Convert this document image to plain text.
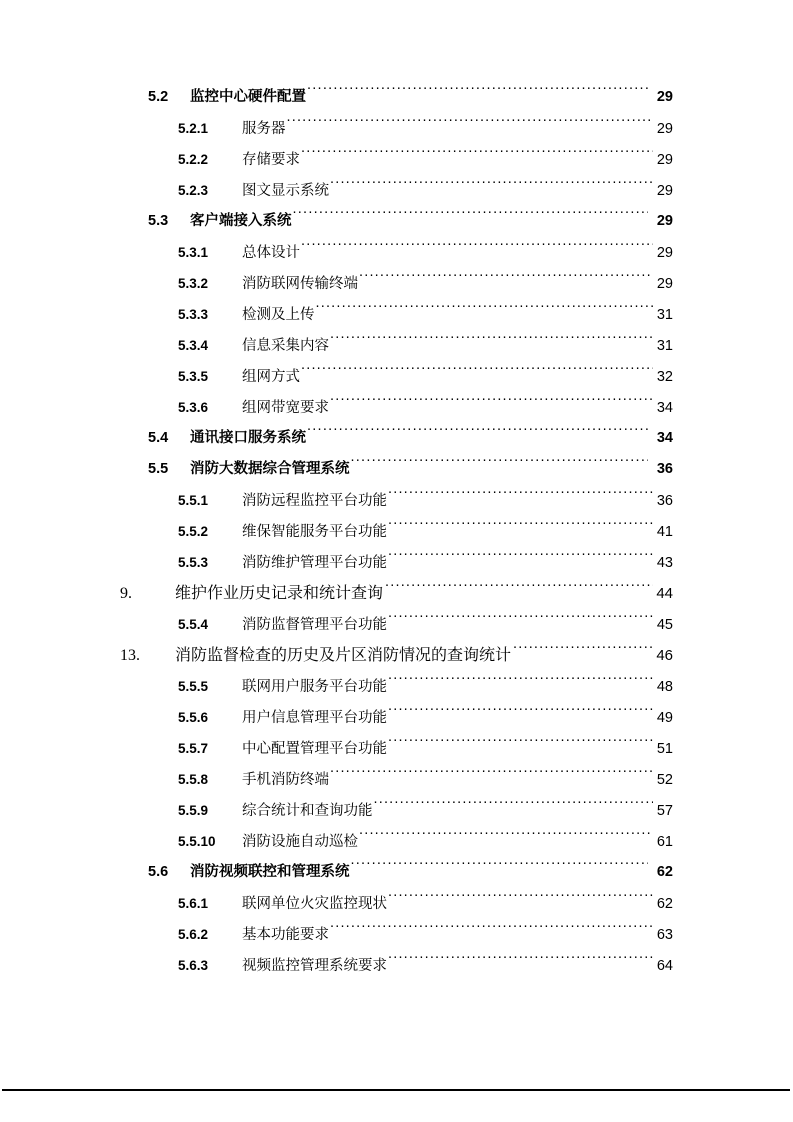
5.2	监控中心硬件配置 .....	29
5.2.1	服务器 .....	29
5.2.2	存储要求 .....	29
5.2.3	图文显示系统 .....	29
5.3	客户端接入系统 .....	29
5.3.1	总体设计 .....	29
5.3.2	消防联网传输终端 .....	29
5.3.3	检测及上传 .....	31
5.3.4	信息采集内容 .....	31
5.3.5	组网方式 .....	32
5.3.6	组网带宽要求 .....	34
5.4	通讯接口服务系统 .....	34
5.5	消防大数据综合管理系统 .....	36
5.5.1	消防远程监控平台功能 .....	36
5.5.2	维保智能服务平台功能 .....	41
5.5.3	消防维护管理平台功能 .....	43
9.	维护作业历史记录和统计查询 .....	44
5.5.4	消防监督管理平台功能 .....	45
13.	消防监督检查的历史及片区消防情况的查询统计 .....	46
5.5.5	联网用户服务平台功能 .....	48
5.5.6	用户信息管理平台功能 .....	49
5.5.7	中心配置管理平台功能 .....	51
5.5.8	手机消防终端 .....	52
5.5.9	综合统计和查询功能 .....	57
5.5.10	消防设施自动巡检 .....	61
5.6	消防视频联控和管理系统 .....	62
5.6.1	联网单位火灾监控现状 .....	62
5.6.2	基本功能要求 .....	63
5.6.3	视频监控管理系统要求 .....	64
